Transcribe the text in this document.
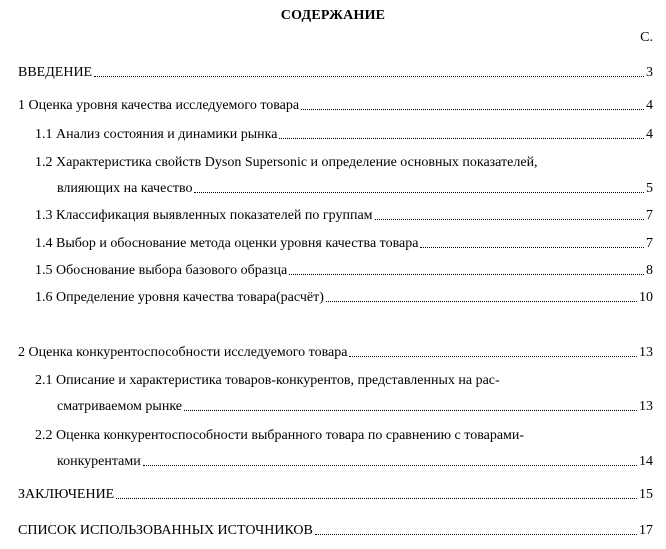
СОДЕРЖАНИЕ
С.
ВВЕДЕНИЕ	3
1 Оценка уровня качества исследуемого товара	4
1.1 Анализ состояния и динамики рынка	4
1.2 Характеристика свойств Dyson Supersonic и определение основных показателей,
влияющих на качество	5
1.3 Классификация выявленных показателей по группам	7
1.4 Выбор и обоснование метода оценки уровня качества товара	7
1.5 Обоснование выбора базового образца	8
1.6 Определение уровня качества товара(расчёт)	10
2 Оценка конкурентоспособности исследуемого товара	13
2.1 Описание и характеристика товаров-конкурентов, представленных на рас-
сматриваемом рынке	13
2.2 Оценка конкурентоспособности выбранного товара по сравнению с товарами-
конкурентами	14
ЗАКЛЮЧЕНИЕ	15
СПИСОК ИСПОЛЬЗОВАННЫХ ИСТОЧНИКОВ	17
